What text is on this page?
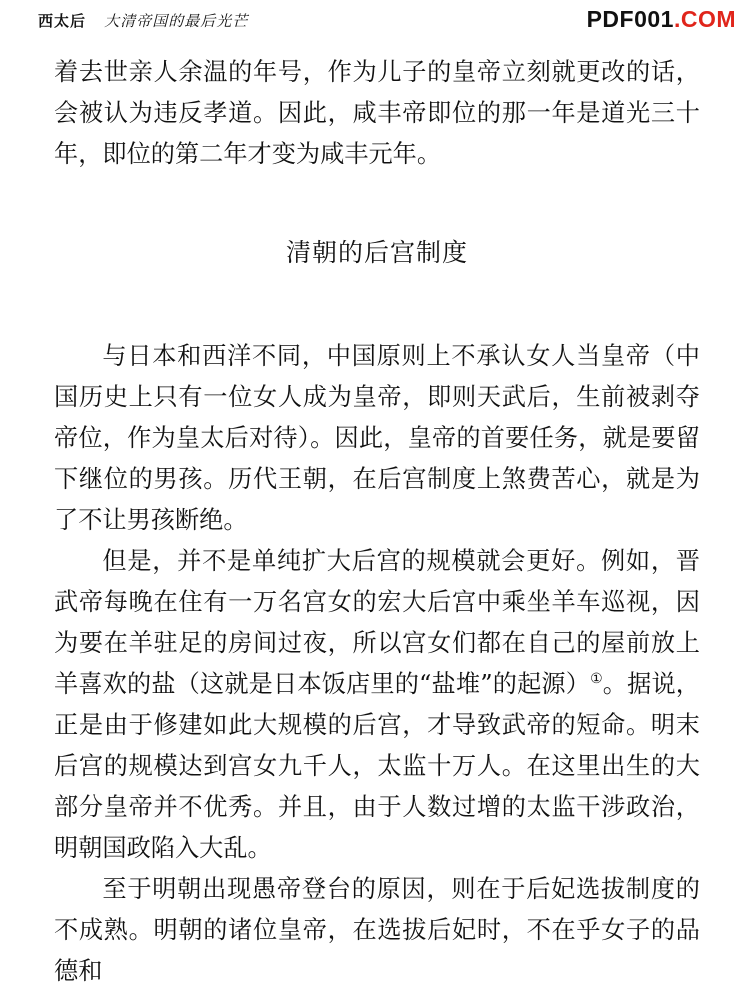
西太后 大清帝国的最后光芒	PDF001.COM

着去世亲人余温的年号，作为儿子的皇帝立刻就更改的话，会被认为违反孝道。因此，咸丰帝即位的那一年是道光三十年，即位的第二年才变为咸丰元年。

清朝的后宫制度

与日本和西洋不同，中国原则上不承认女人当皇帝（中国历史上只有一位女人成为皇帝，即则天武后，生前被剥夺帝位，作为皇太后对待）。因此，皇帝的首要任务，就是要留下继位的男孩。历代王朝，在后宫制度上煞费苦心，就是为了不让男孩断绝。

但是，并不是单纯扩大后宫的规模就会更好。例如，晋武帝每晚在住有一万名宫女的宏大后宫中乘坐羊车巡视，因为要在羊驻足的房间过夜，所以宫女们都在自己的屋前放上羊喜欢的盐（这就是日本饭店里的“盐堆”的起源）①。据说，正是由于修建如此大规模的后宫，才导致武帝的短命。明末后宫的规模达到宫女九千人，太监十万人。在这里出生的大部分皇帝并不优秀。并且，由于人数过增的太监干涉政治，明朝国政陷入大乱。

至于明朝出现愚帝登台的原因，则在于后妃选拔制度的不成熟。明朝的诸位皇帝，在选拔后妃时，不在乎女子的品德和
